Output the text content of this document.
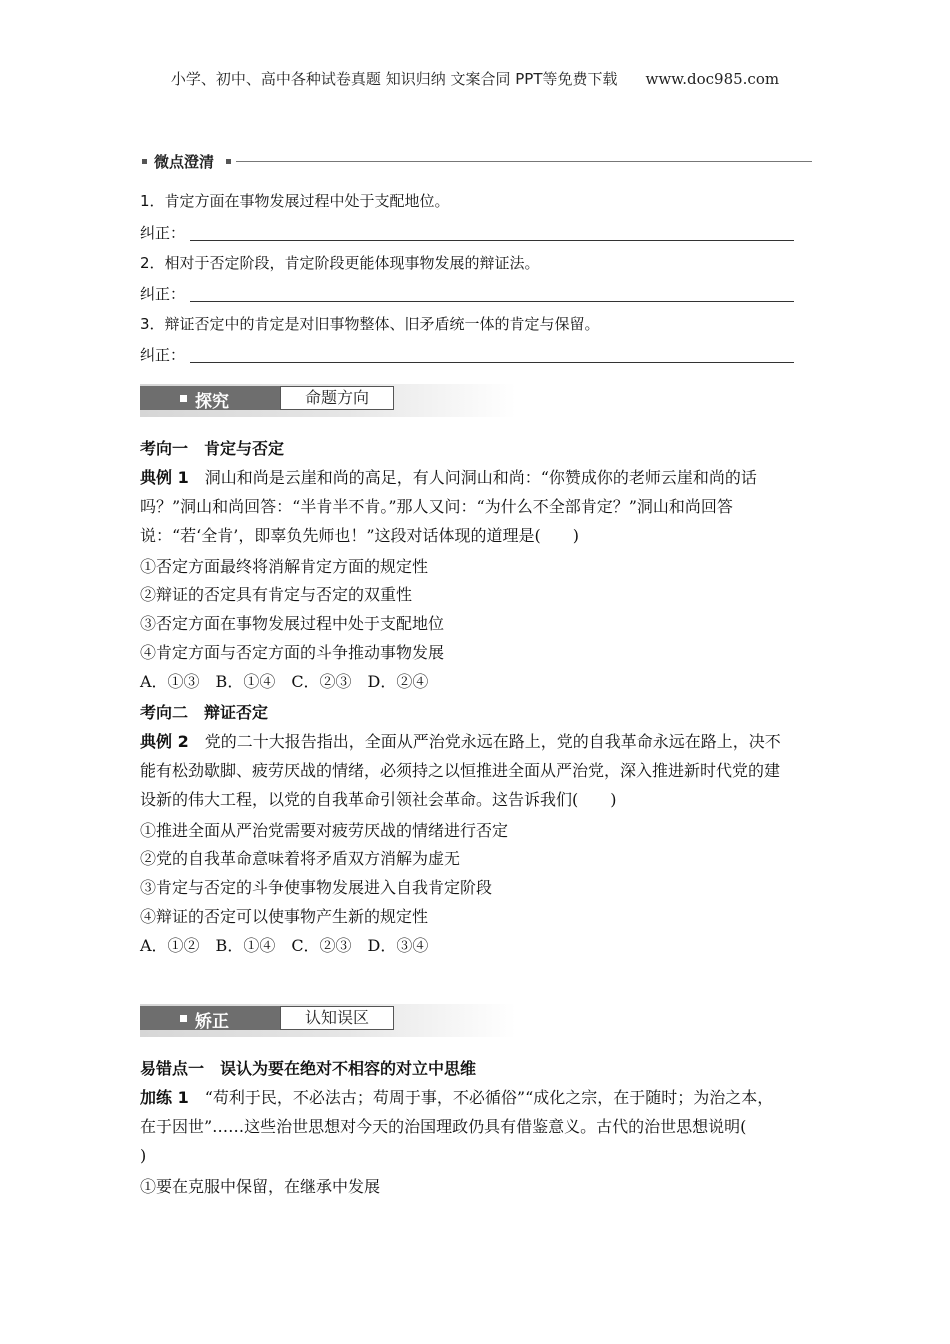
小学、初中、高中各种试卷真题 知识归纳 文案合同 PPT等免费下载 www.doc985.com
微点澄清
1．肯定方面在事物发展过程中处于支配地位。
纠正：
2．相对于否定阶段，肯定阶段更能体现事物发展的辩证法。
纠正：
3．辩证否定中的肯定是对旧事物整体、旧矛盾统一体的肯定与保留。
纠正：
探究	命题方向
考向一　肯定与否定
典例 1　洞山和尚是云崖和尚的高足，有人问洞山和尚：“你赞成你的老师云崖和尚的话
吗？”洞山和尚回答：“半肯半不肯。”那人又问：“为什么不全部肯定？”洞山和尚回答
说：“若‘全肯’，即辜负先师也！”这段对话体现的道理是(　　)
①否定方面最终将消解肯定方面的规定性
②辩证的否定具有肯定与否定的双重性
③否定方面在事物发展过程中处于支配地位
④肯定方面与否定方面的斗争推动事物发展
A．①③　B．①④　C．②③　D．②④
考向二　辩证否定
典例 2　党的二十大报告指出，全面从严治党永远在路上，党的自我革命永远在路上，决不
能有松劲歇脚、疲劳厌战的情绪，必须持之以恒推进全面从严治党，深入推进新时代党的建
设新的伟大工程，以党的自我革命引领社会革命。这告诉我们(　　)
①推进全面从严治党需要对疲劳厌战的情绪进行否定
②党的自我革命意味着将矛盾双方消解为虚无
③肯定与否定的斗争使事物发展进入自我肯定阶段
④辩证的否定可以使事物产生新的规定性
A．①②　B．①④　C．②③　D．③④
矫正	认知误区
易错点一　误认为要在绝对不相容的对立中思维
加练 1　“苟利于民，不必法古；苟周于事，不必循俗”“成化之宗，在于随时；为治之本，
在于因世”……这些治世思想对今天的治国理政仍具有借鉴意义。古代的治世思想说明(
)
①要在克服中保留，在继承中发展
